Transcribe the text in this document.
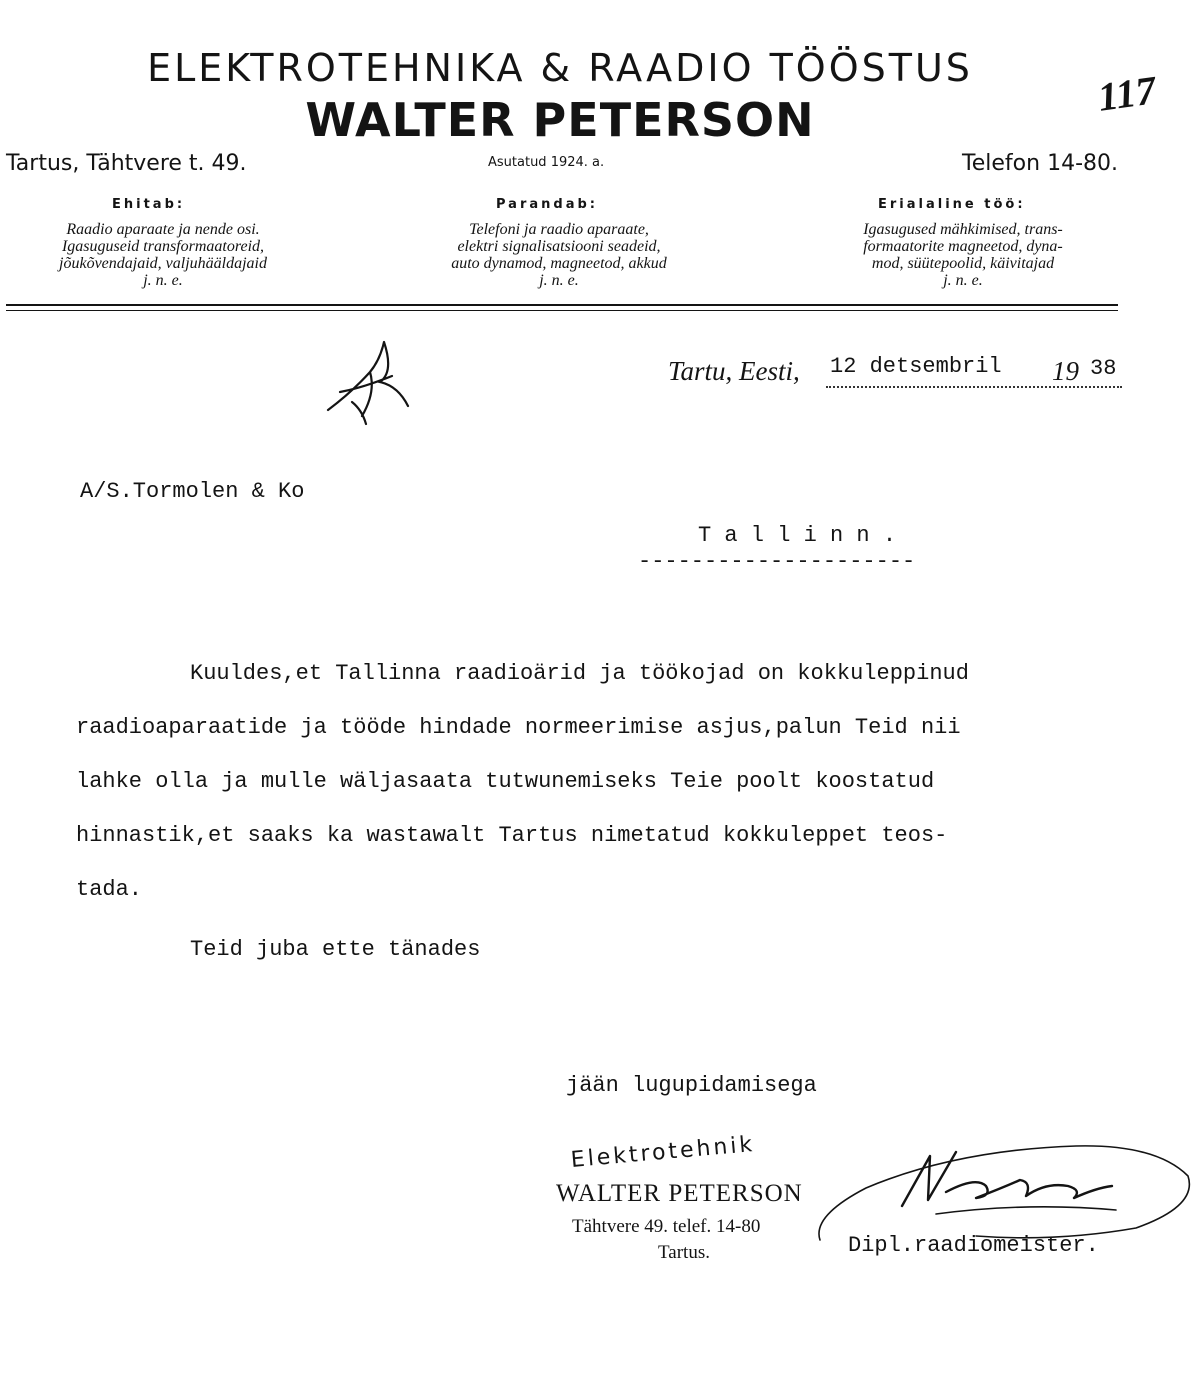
ELEKTROTEHNIKA & RAADIO TÖÖSTUS
WALTER PETERSON
Tartus, Tähtvere t. 49.	Asutatud 1924. a.	Telefon 14-80.
Ehitab:	Parandab:	Erialaline töö:
Raadio aparaate ja nende osi.
Igasuguseid transformaatoreid,
jõukõvendajaid, valjuhääldajaid
j. n. e.
Telefoni ja raadio aparaate,
elektri signalisatsiooni seadeid,
auto dynamod, magneetod, akkud
j. n. e.
Igasugused mähkimised, trans-
formaatorite magneetod, dyna-
mod, süütepoolid, käivitajad
j. n. e.
117
Tartu, Eesti, 12 detsembril 19 38
A/S.Tormolen & Ko
T a l l i n n .
---------------------
Kuuldes,et Tallinna raadioärid ja töökojad on kokkuleppinud
raadioaparaatide ja tööde hindade normeerimise asjus,palun Teid nii
lahke olla ja mulle wäljasaata tutwunemiseks Teie poolt koostatud
hinnastik,et saaks ka wastawalt Tartus nimetatud kokkuleppet teos-
tada.
Teid juba ette tänades
jään lugupidamisega
Elektrotehnik
WALTER PETERSON
Tähtvere 49. telef. 14-80
Tartus.	Dipl.raadiomeister.
